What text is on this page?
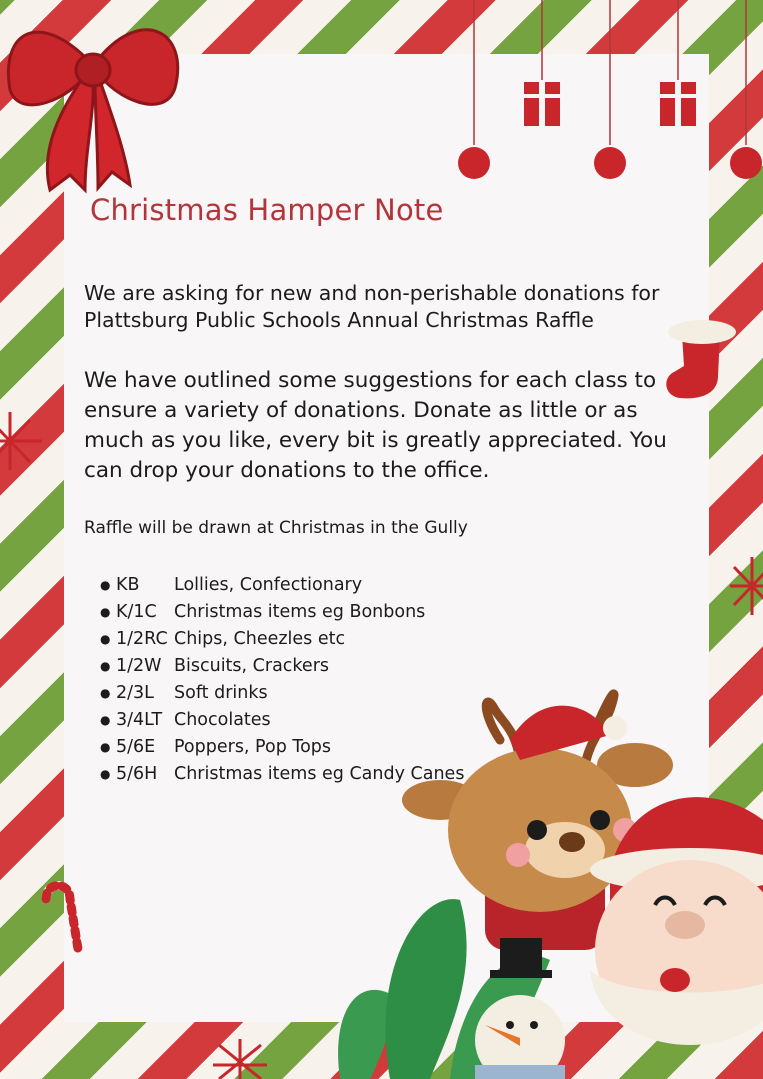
Christmas Hamper Note
We are asking for new and non-perishable donations for Plattsburg Public Schools Annual Christmas Raffle
We have outlined some suggestions for each class to ensure a variety of donations. Donate as little or as much as you like, every bit is greatly appreciated. You can drop your donations to the office.
Raffle will be drawn at Christmas in the Gully
● KB	Lollies, Confectionary
● K/1C Christmas items eg Bonbons
● 1/2RC Chips, Cheezles etc
● 1/2W Biscuits, Crackers
● 2/3L	Soft drinks
● 3/4LT Chocolates
● 5/6E	Poppers, Pop Tops
● 5/6H Christmas items eg Candy Canes
